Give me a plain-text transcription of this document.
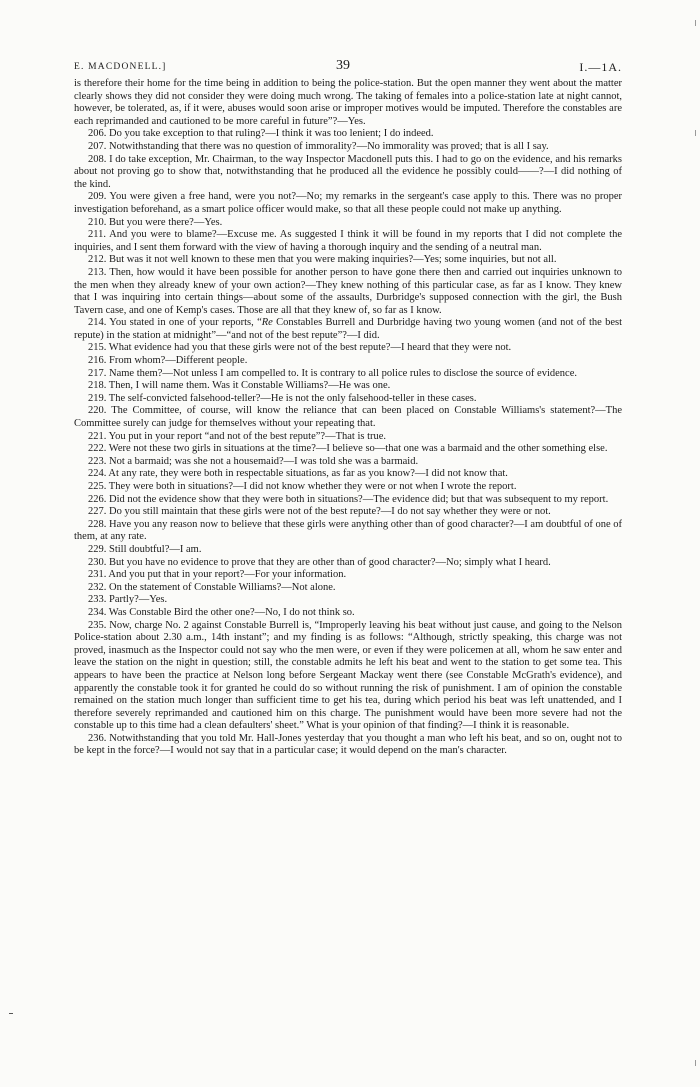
E. MACDONELL.]	39	I.—1A.

is therefore their home for the time being in addition to being the police-station. But the open manner they went about the matter clearly shows they did not consider they were doing much wrong. The taking of females into a police-station late at night cannot, however, be tolerated, as, if it were, abuses would soon arise or improper motives would be imputed. Therefore the constables are each reprimanded and cautioned to be more careful in future”?—Yes.

206. Do you take exception to that ruling?—I think it was too lenient; I do indeed.

207. Notwithstanding that there was no question of immorality?—No immorality was proved; that is all I say.

208. I do take exception, Mr. Chairman, to the way Inspector Macdonell puts this. I had to go on the evidence, and his remarks about not proving go to show that, notwithstanding that he produced all the evidence he possibly could——?—I did nothing of the kind.

209. You were given a free hand, were you not?—No; my remarks in the sergeant's case apply to this. There was no proper investigation beforehand, as a smart police officer would make, so that all these people could not make up anything.

210. But you were there?—Yes.

211. And you were to blame?—Excuse me. As suggested I think it will be found in my reports that I did not complete the inquiries, and I sent them forward with the view of having a thorough inquiry and the sending of a neutral man.

212. But was it not well known to these men that you were making inquiries?—Yes; some inquiries, but not all.

213. Then, how would it have been possible for another person to have gone there then and carried out inquiries unknown to the men when they already knew of your own action?—They knew nothing of this particular case, as far as I know. They knew that I was inquiring into certain things—about some of the assaults, Durbridge's supposed connection with the girl, the Bush Tavern case, and one of Kemp's cases. Those are all that they knew of, so far as I know.

214. You stated in one of your reports, “Re Constables Burrell and Durbridge having two young women (and not of the best repute) in the station at midnight”—“and not of the best repute”?—I did.

215. What evidence had you that these girls were not of the best repute?—I heard that they were not.

216. From whom?—Different people.

217. Name them?—Not unless I am compelled to. It is contrary to all police rules to disclose the source of evidence.

218. Then, I will name them. Was it Constable Williams?—He was one.

219. The self-convicted falsehood-teller?—He is not the only falsehood-teller in these cases.

220. The Committee, of course, will know the reliance that can been placed on Constable Williams's statement?—The Committee surely can judge for themselves without your repeating that.

221. You put in your report “and not of the best repute”?—That is true.

222. Were not these two girls in situations at the time?—I believe so—that one was a barmaid and the other something else.

223. Not a barmaid; was she not a housemaid?—I was told she was a barmaid.

224. At any rate, they were both in respectable situations, as far as you know?—I did not know that.

225. They were both in situations?—I did not know whether they were or not when I wrote the report.

226. Did not the evidence show that they were both in situations?—The evidence did; but that was subsequent to my report.

227. Do you still maintain that these girls were not of the best repute?—I do not say whether they were or not.

228. Have you any reason now to believe that these girls were anything other than of good character?—I am doubtful of one of them, at any rate.

229. Still doubtful?—I am.

230. But you have no evidence to prove that they are other than of good character?—No; simply what I heard.

231. And you put that in your report?—For your information.

232. On the statement of Constable Williams?—Not alone.

233. Partly?—Yes.

234. Was Constable Bird the other one?—No, I do not think so.

235. Now, charge No. 2 against Constable Burrell is, “Improperly leaving his beat without just cause, and going to the Nelson Police-station about 2.30 a.m., 14th instant”; and my finding is as follows: “Although, strictly speaking, this charge was not proved, inasmuch as the Inspector could not say who the men were, or even if they were policemen at all, whom he saw enter and leave the station on the night in question; still, the constable admits he left his beat and went to the station to get some tea. This appears to have been the practice at Nelson long before Sergeant Mackay went there (see Constable McGrath's evidence), and apparently the constable took it for granted he could do so without running the risk of punishment. I am of opinion the constable remained on the station much longer than sufficient time to get his tea, during which period his beat was left unattended, and I therefore severely reprimanded and cautioned him on this charge. The punishment would have been more severe had not the constable up to this time had a clean defaulters' sheet.” What is your opinion of that finding?—I think it is reasonable.

236. Notwithstanding that you told Mr. Hall-Jones yesterday that you thought a man who left his beat, and so on, ought not to be kept in the force?—I would not say that in a particular case; it would depend on the man's character.
